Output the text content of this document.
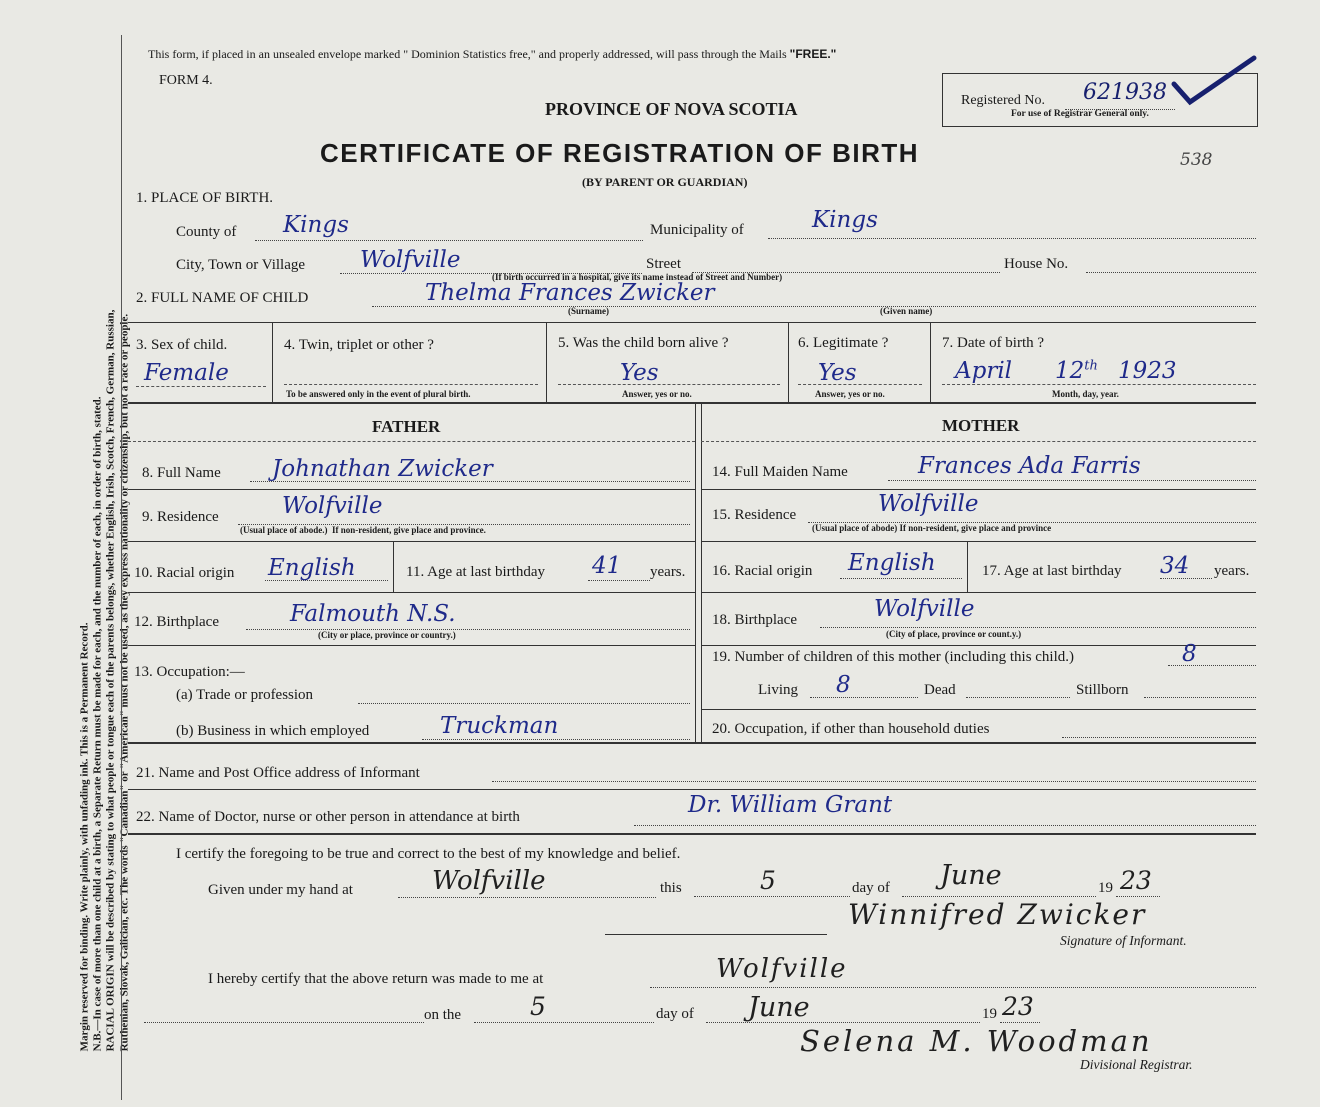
Margin reserved for binding. Write plainly, with unfading ink. This is a Permanent Record. N.B.—In case of more than one child at a birth, a Separate Return must be made for each, and the number of each, in order of birth, stated. RACIAL ORIGIN will be described by stating to what people or tongue each of the parents belongs, whether English, Irish, Scotch, French, German, Russian, Ruthenian, Slovak, Galician, etc. The words "Canadian" or "American" must not be used, as they express nationality or citizenship, but not a race or people.
This form, if placed in an unsealed envelope marked " Dominion Statistics free," and properly addressed, will pass through the Mails "FREE."
FORM 4.
PROVINCE OF NOVA SCOTIA	Registered No. 621938
For use of Registrar General only.
CERTIFICATE OF REGISTRATION OF BIRTH
(BY PARENT OR GUARDIAN)
538
1. PLACE OF BIRTH.
County of Kings	Municipality of	Kings
City, Town or Village Wolfville	Street	House No.
(If birth occurred in a hospital, give its name instead of Street and Number)
2. FULL NAME OF CHILD	Thelma Frances Zwicker
(Surname)	(Given name)
3. Sex of child.
Female
4. Twin, triplet or other ?
To be answered only in the event of plural birth.
5. Was the child born alive ?
Yes
Answer, yes or no.
6. Legitimate ?
Yes
Answer, yes or no.
7. Date of birth ?
April 12th 1923
Month, day, year.
FATHER
8. Full Name Johnathan Zwicker
9. Residence	Wolfville
(Usual place of abode.) If non-resident, give place and province.
10. Racial origin English	11. Age at last birthday 41 years.
12. Birthplace	Falmouth N.S.
(City or place, province or country.)
13. Occupation:—
(a) Trade or profession
(b) Business in which employed	Truckman
MOTHER
14. Full Maiden Name	Frances Ada Farris
15. Residence	Wolfville
(Usual place of abode) If non-resident, give place and province
16. Racial origin English	17. Age at last birthday 34 years.
18. Birthplace	Wolfville
(City of place, province or count.y.)
19. Number of children of this mother (including this child.)	8
Living 8	Dead	Stillborn
20. Occupation, if other than household duties
21. Name and Post Office address of Informant
22. Name of Doctor, nurse or other person in attendance at birth	Dr. William Grant
I certify the foregoing to be true and correct to the best of my knowledge and belief.
Given under my hand at	Wolfville	this	5	day of June	19 23
Winnifred Zwicker
Signature of Informant.
I hereby certify that the above return was made to me at	Wolfville
on the	5	day of June	19 23
Selena M. Woodman
Divisional Registrar.
